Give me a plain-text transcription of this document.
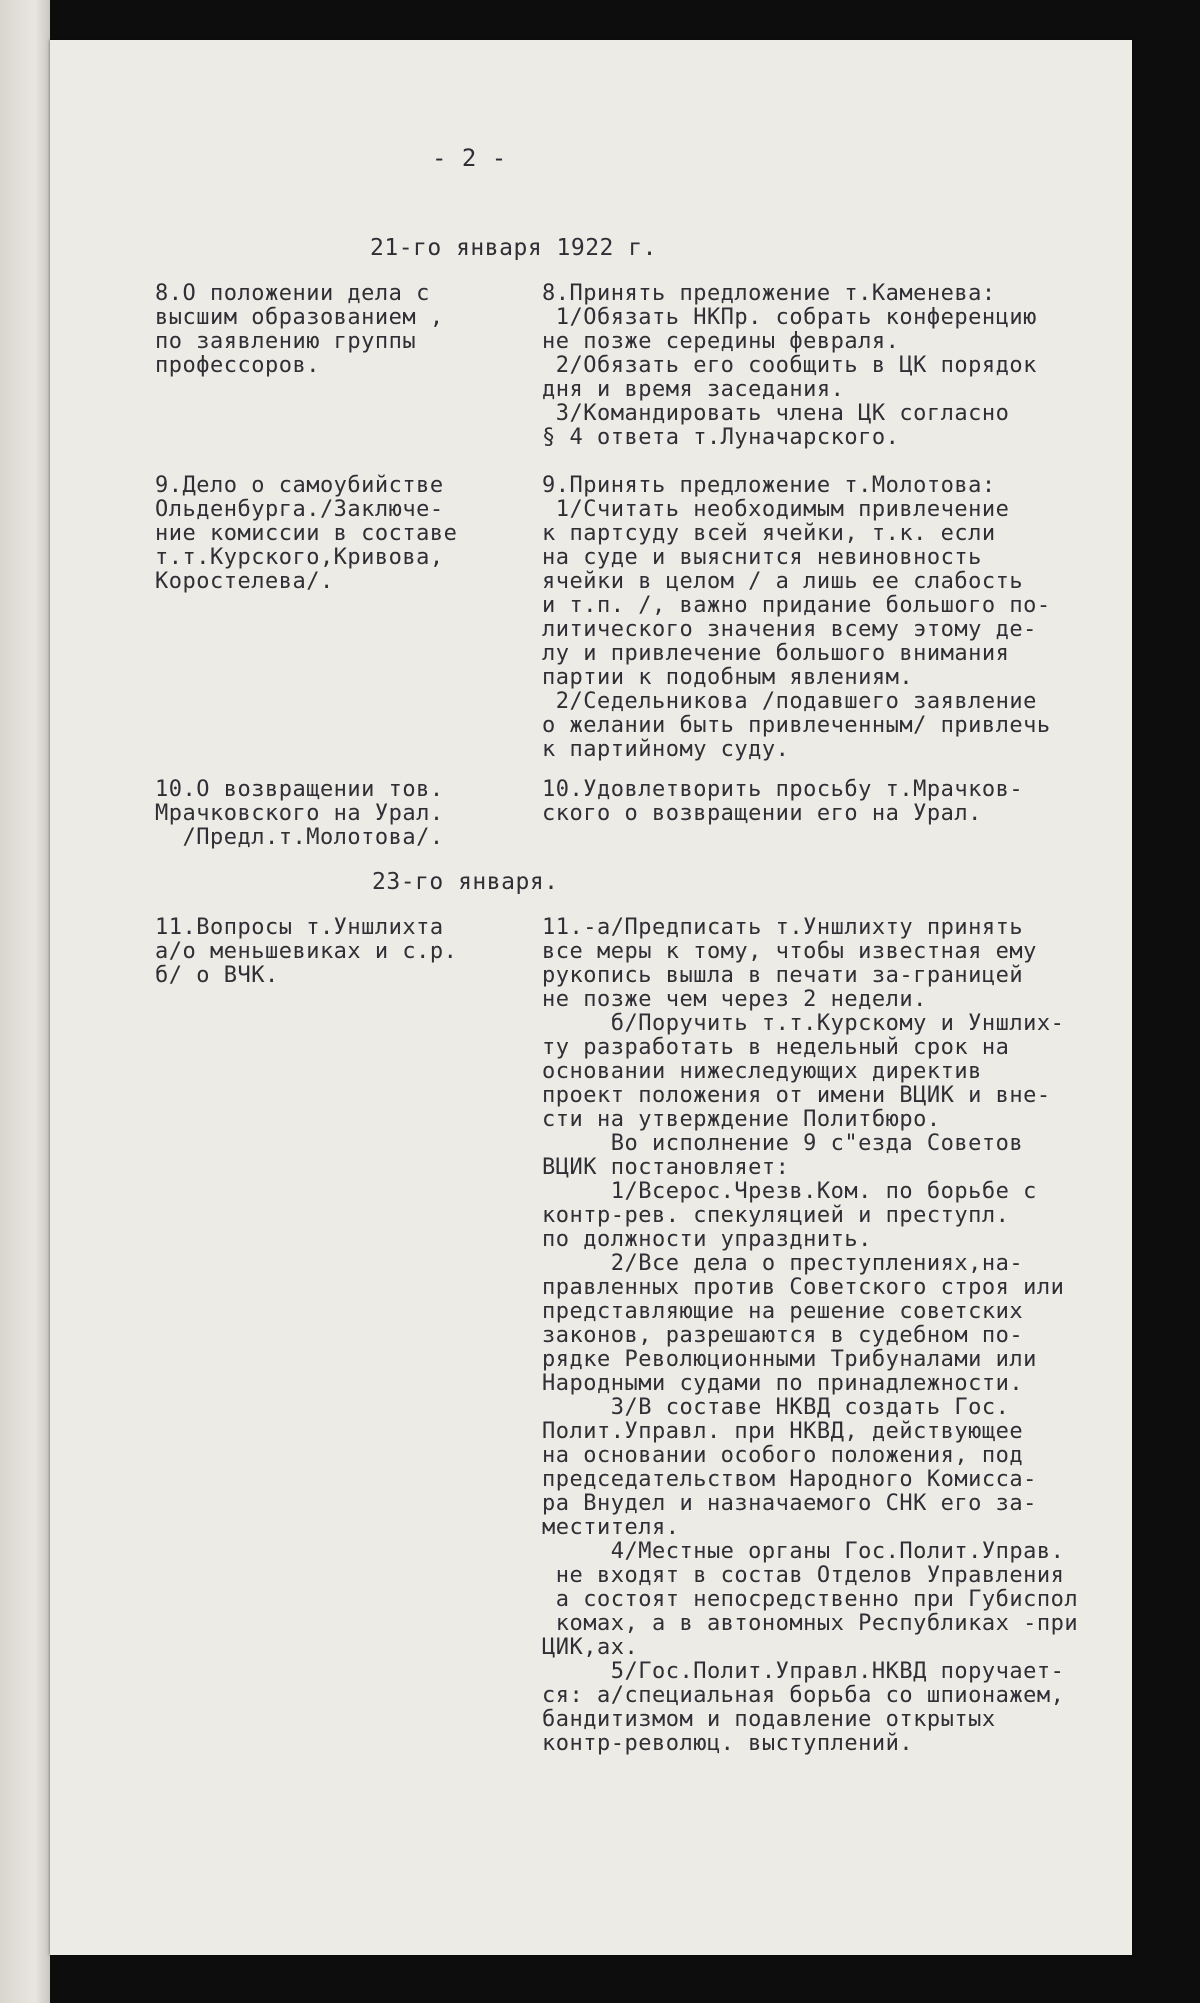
- 2 -
21-го января 1922 г.
8.О положении дела с
высшим образованием ,
по заявлению группы
профессоров.
8.Принять предложение т.Каменева:
1/Обязать НКПр. собрать конференцию
не позже середины февраля.
2/Обязать его сообщить в ЦК порядок
дня и время заседания.
3/Командировать члена ЦК согласно
§ 4 ответа т.Луначарского.
9.Дело о самоубийстве
Ольденбурга./Заключе-
ние комиссии в составе
т.т.Курского,Кривова,
Коростелева/.
9.Принять предложение т.Молотова:
1/Считать необходимым привлечение
к партсуду всей ячейки, т.к. если
на суде и выяснится невиновность
ячейки в целом / а лишь ее слабость
и т.п. /, важно придание большого по-
литического значения всему этому де-
лу и привлечение большого внимания
партии к подобным явлениям.
2/Седельникова /подавшего заявление
о желании быть привлеченным/ привлечь
к партийному суду.
10.О возвращении тов.
Мрачковского на Урал.
/Предл.т.Молотова/.
10.Удовлетворить просьбу т.Мрачков-
ского о возвращении его на Урал.
23-го января.
11.Вопросы т.Уншлихта
а/о меньшевиках и с.р.
б/ о ВЧК.
11.-а/Предписать т.Уншлихту принять
все меры к тому, чтобы известная ему
рукопись вышла в печати за-границей
не позже чем через 2 недели.
б/Поручить т.т.Курскому и Уншлих-
ту разработать в недельный срок на
основании нижеследующих директив
проект положения от имени ВЦИК и вне-
сти на утверждение Политбюро.
Во исполнение 9 с"езда Советов
ВЦИК постановляет:
1/Всерос.Чрезв.Ком. по борьбе с
контр-рев. спекуляцией и преступл.
по должности упразднить.
2/Все дела о преступлениях,на-
правленных против Советского строя или
представляющие на решение советских
законов, разрешаются в судебном по-
рядке Революционными Трибуналами или
Народными судами по принадлежности.
3/В составе НКВД создать Гос.
Полит.Управл. при НКВД, действующее
на основании особого положения, под
председательством Народного Комисса-
ра Внудел и назначаемого СНК его за-
местителя.
4/Местные органы Гос.Полит.Управ.
не входят в состав Отделов Управления
а состоят непосредственно при Губиспол
комах, а в автономных Республиках -при
ЦИК,ах.
5/Гос.Полит.Управл.НКВД поручает-
ся: а/специальная борьба со шпионажем,
бандитизмом и подавление открытых
контр-революц. выступлений.
